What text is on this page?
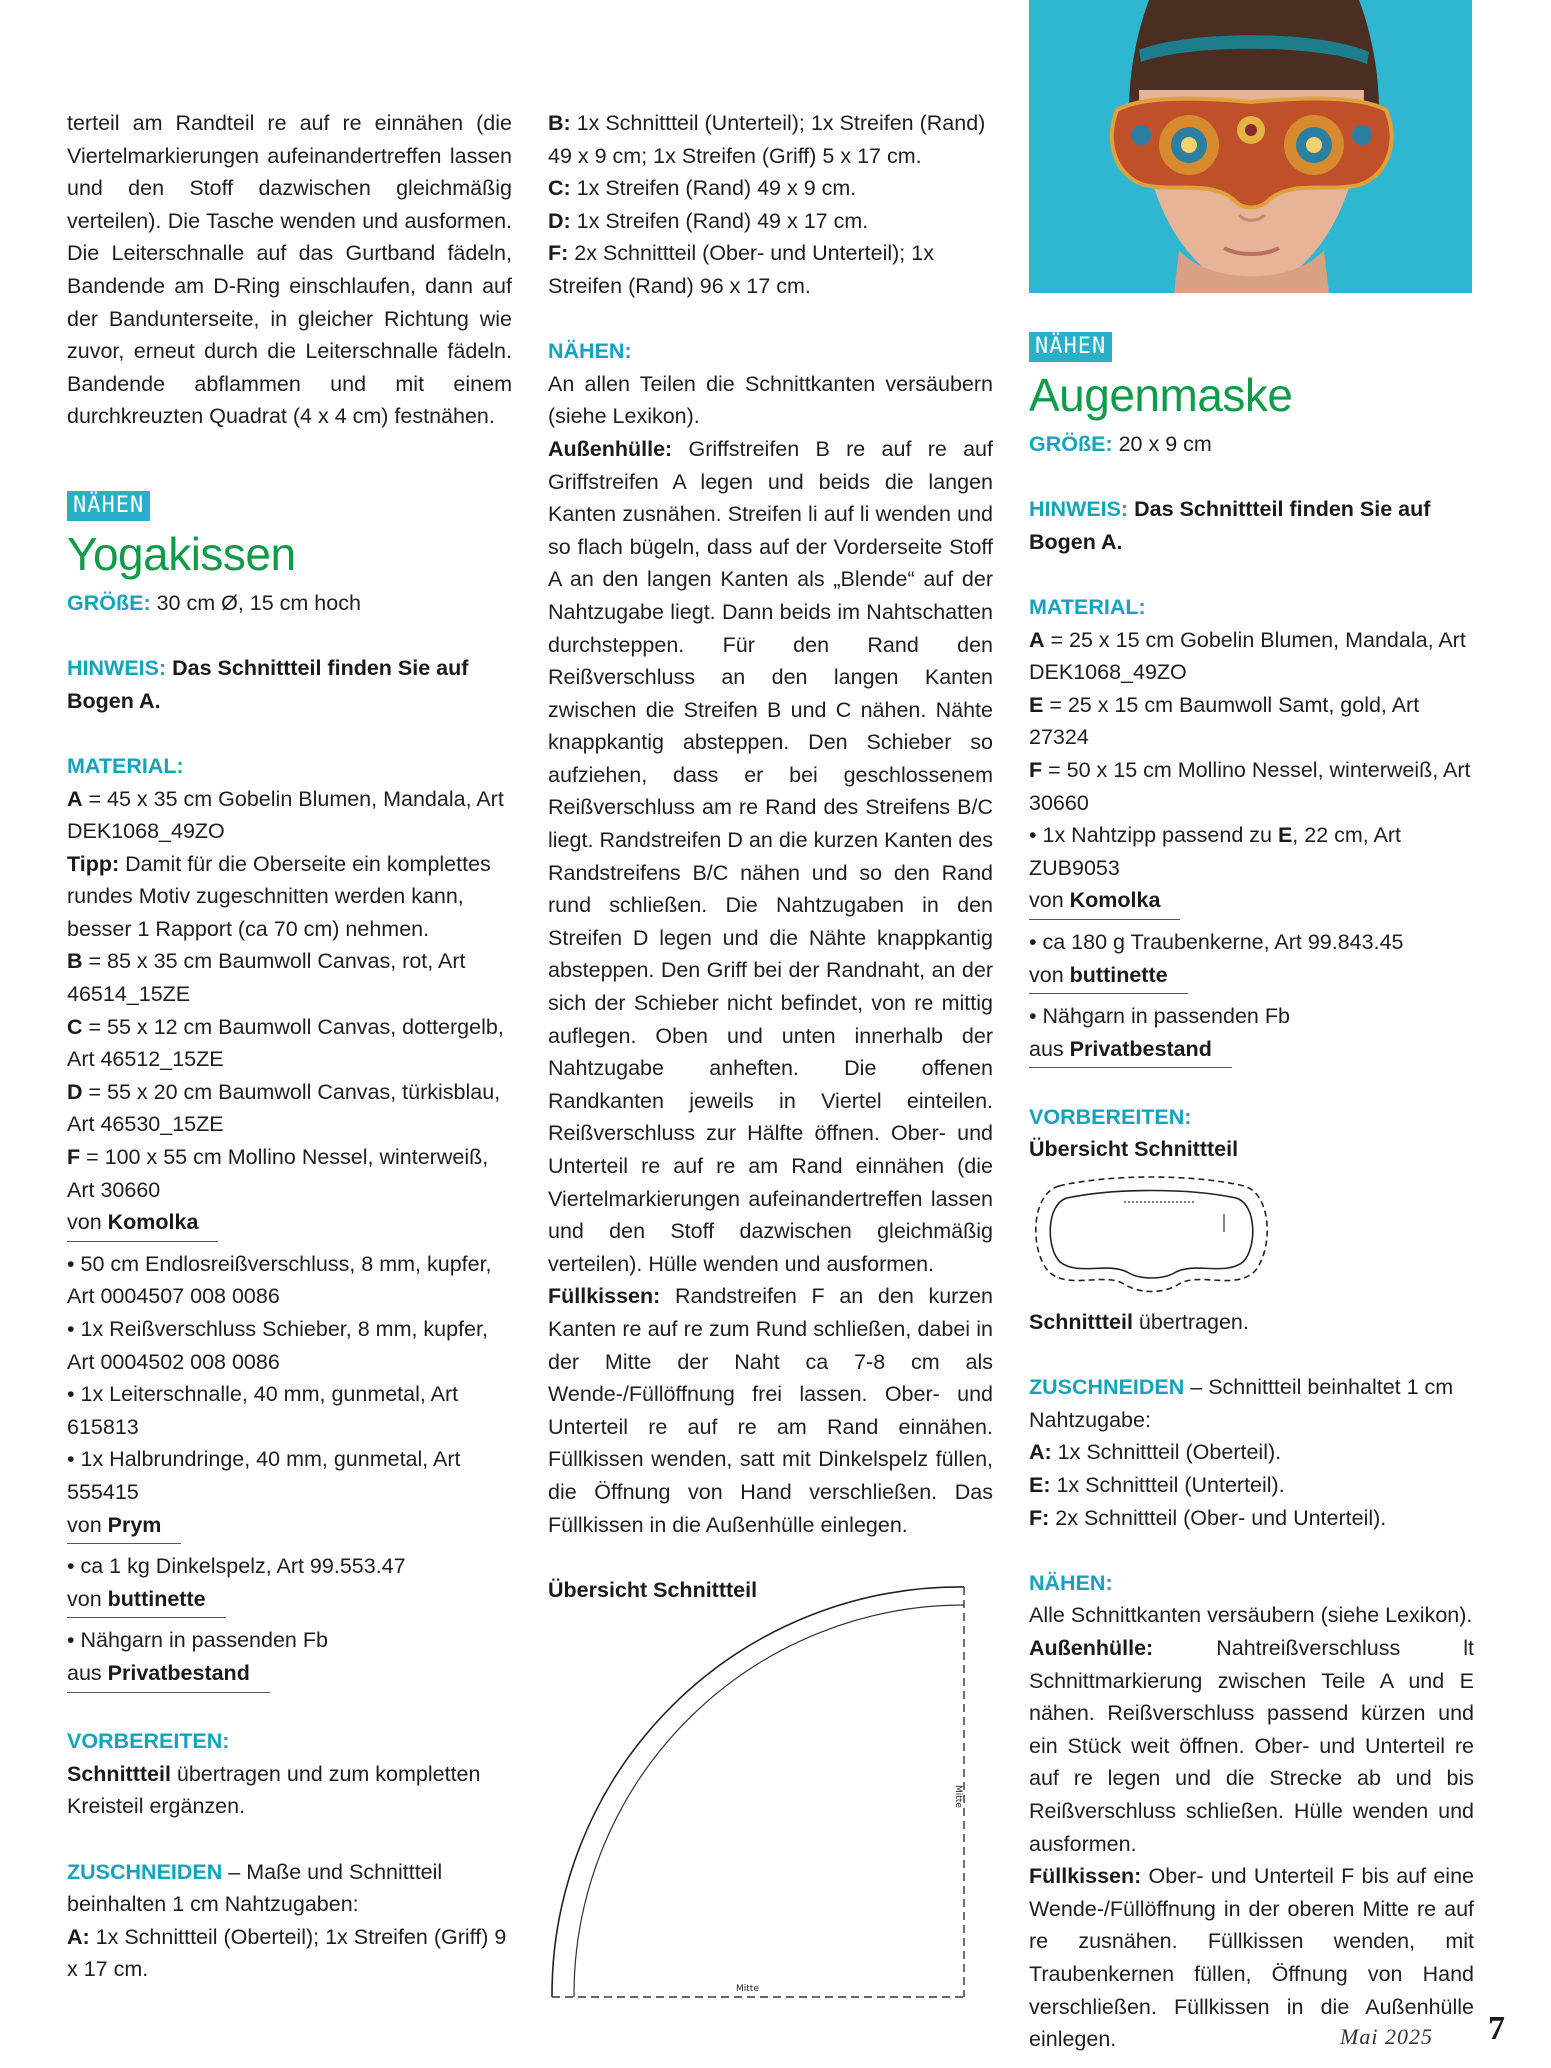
terteil am Randteil re auf re einnähen (die Viertelmarkierungen aufeinandertreffen lassen und den Stoff dazwischen gleichmäßig verteilen). Die Tasche wenden und ausformen. Die Leiterschnalle auf das Gurtband fädeln, Bandende am D-Ring einschlaufen, dann auf der Bandunterseite, in gleicher Richtung wie zuvor, erneut durch die Leiterschnalle fädeln. Bandende abflammen und mit einem durchkreuzten Quadrat (4 x 4 cm) festnähen.

NÄHEN
Yogakissen

GRÖßE: 30 cm Ø, 15 cm hoch

HINWEIS: Das Schnittteil finden Sie auf Bogen A.

MATERIAL:

A = 45 x 35 cm Gobelin Blumen, Mandala, Art DEK1068_49ZO

Tipp: Damit für die Oberseite ein komplettes rundes Motiv zugeschnitten werden kann, besser 1 Rapport (ca 70 cm) nehmen.

B = 85 x 35 cm Baumwoll Canvas, rot, Art 46514_15ZE

C = 55 x 12 cm Baumwoll Canvas, dottergelb, Art 46512_15ZE

D = 55 x 20 cm Baumwoll Canvas, türkisblau, Art 46530_15ZE

F = 100 x 55 cm Mollino Nessel, winterweiß, Art 30660

von Komolka

• 50 cm Endlosreißverschluss, 8 mm, kupfer, Art 0004507 008 0086

• 1x Reißverschluss Schieber, 8 mm, kupfer, Art 0004502 008 0086

• 1x Leiterschnalle, 40 mm, gunmetal, Art 615813

• 1x Halbrundringe, 40 mm, gunmetal, Art 555415

von Prym

• ca 1 kg Dinkelspelz, Art 99.553.47

von buttinette

• Nähgarn in passenden Fb

aus Privatbestand

VORBEREITEN:

Schnittteil übertragen und zum kompletten Kreisteil ergänzen.

ZUSCHNEIDEN – Maße und Schnittteil beinhalten 1 cm Nahtzugaben:

A: 1x Schnittteil (Oberteil); 1x Streifen (Griff) 9 x 17 cm.

B: 1x Schnittteil (Unterteil); 1x Streifen (Rand) 49 x 9 cm; 1x Streifen (Griff) 5 x 17 cm.

C: 1x Streifen (Rand) 49 x 9 cm.

D: 1x Streifen (Rand) 49 x 17 cm.

F: 2x Schnittteil (Ober- und Unterteil); 1x Streifen (Rand) 96 x 17 cm.

NÄHEN:

An allen Teilen die Schnittkanten versäubern (siehe Lexikon).

Außenhülle: Griffstreifen B re auf re auf Griffstreifen A legen und beids die langen Kanten zusnähen. Streifen li auf li wenden und so flach bügeln, dass auf der Vorderseite Stoff A an den langen Kanten als „Blende“ auf der Nahtzugabe liegt. Dann beids im Nahtschatten durchsteppen. Für den Rand den Reißverschluss an den langen Kanten zwischen die Streifen B und C nähen. Nähte knappkantig absteppen. Den Schieber so aufziehen, dass er bei geschlossenem Reißverschluss am re Rand des Streifens B/C liegt. Randstreifen D an die kurzen Kanten des Randstreifens B/C nähen und so den Rand rund schließen. Die Nahtzugaben in den Streifen D legen und die Nähte knappkantig absteppen. Den Griff bei der Randnaht, an der sich der Schieber nicht befindet, von re mittig auflegen. Oben und unten innerhalb der Nahtzugabe anheften. Die offenen Randkanten jeweils in Viertel einteilen. Reißverschluss zur Hälfte öffnen. Ober- und Unterteil re auf re am Rand einnähen (die Viertelmarkierungen aufeinandertreffen lassen und den Stoff dazwischen gleichmäßig verteilen). Hülle wenden und ausformen.

Füllkissen: Randstreifen F an den kurzen Kanten re auf re zum Rund schließen, dabei in der Mitte der Naht ca 7-8 cm als Wende-/Füllöffnung frei lassen. Ober- und Unterteil re auf re am Rand einnähen. Füllkissen wenden, satt mit Dinkelspelz füllen, die Öffnung von Hand verschließen. Das Füllkissen in die Außenhülle einlegen.

Übersicht Schnittteil

Mitte
Mitte
NÄHEN
Augenmaske

GRÖßE: 20 x 9 cm

HINWEIS: Das Schnittteil finden Sie auf Bogen A.

MATERIAL:

A = 25 x 15 cm Gobelin Blumen, Mandala, Art DEK1068_49ZO

E = 25 x 15 cm Baumwoll Samt, gold, Art 27324

F = 50 x 15 cm Mollino Nessel, winterweiß, Art 30660

• 1x Nahtzipp passend zu E, 22 cm, Art ZUB9053

von Komolka

• ca 180 g Traubenkerne, Art 99.843.45

von buttinette

• Nähgarn in passenden Fb

aus Privatbestand

VORBEREITEN:

Übersicht Schnittteil

Schnittteil übertragen.

ZUSCHNEIDEN – Schnittteil beinhaltet 1 cm Nahtzugabe:

A: 1x Schnittteil (Oberteil).

E: 1x Schnittteil (Unterteil).

F: 2x Schnittteil (Ober- und Unterteil).

NÄHEN:

Alle Schnittkanten versäubern (siehe Lexikon).

Außenhülle: Nahtreißverschluss lt Schnittmarkierung zwischen Teile A und E nähen. Reißverschluss passend kürzen und ein Stück weit öffnen. Ober- und Unterteil re auf re legen und die Strecke ab und bis Reißverschluss schließen. Hülle wenden und ausformen.

Füllkissen: Ober- und Unterteil F bis auf eine Wende-/Füllöffnung in der oberen Mitte re auf re zusnähen. Füllkissen wenden, mit Traubenkernen füllen, Öffnung von Hand verschließen. Füllkissen in die Außenhülle einlegen.	Mai 2025 7
